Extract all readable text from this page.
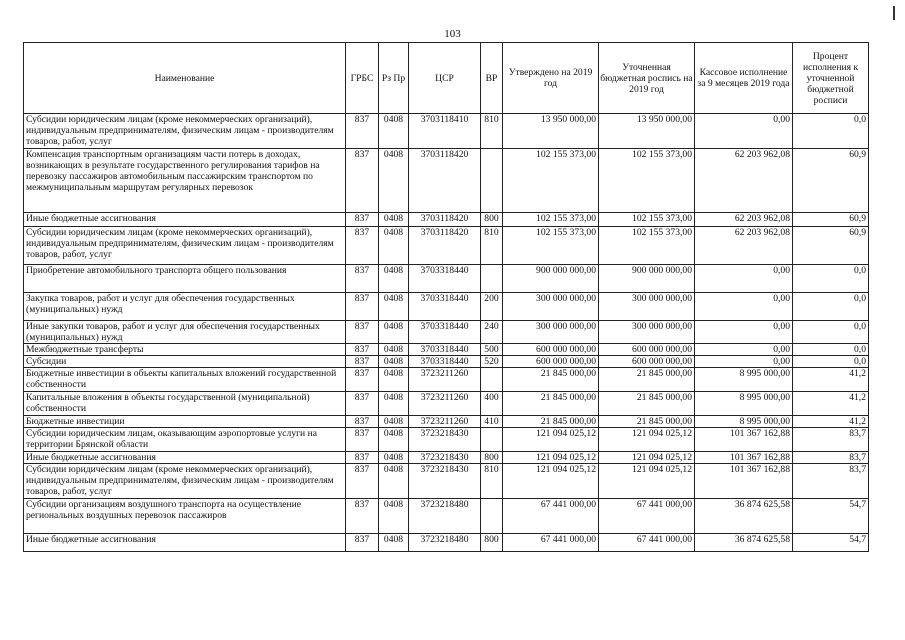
103
Наименование	ГРБС	Рз Пр	ЦСР	ВР	Утверждено на 2019 год	Уточненная бюджетная роспись на 2019 год	Кассовое исполнение за 9 месяцев 2019 года	Процент исполнения к уточненной бюджетной росписи
Субсидии юридическим лицам (кроме некоммерческих организаций), индивидуальным предпринимателям, физическим лицам - производителям товаров, работ, услуг	837	0408	3703118410	810	13 950 000,00	13 950 000,00	0,00	0,0
Компенсация транспортным организациям части потерь в доходах, возникающих в результате государственного регулирования тарифов на перевозку пассажиров автомобильным пассажирским транспортом по межмуниципальным маршрутам регулярных перевозок	837	0408	3703118420		102 155 373,00	102 155 373,00	62 203 962,08	60,9
Иные бюджетные ассигнования	837	0408	3703118420	800	102 155 373,00	102 155 373,00	62 203 962,08	60,9
Субсидии юридическим лицам (кроме некоммерческих организаций), индивидуальным предпринимателям, физическим лицам - производителям товаров, работ, услуг	837	0408	3703118420	810	102 155 373,00	102 155 373,00	62 203 962,08	60,9
Приобретение автомобильного транспорта общего пользования	837	0408	3703318440		900 000 000,00	900 000 000,00	0,00	0,0
Закупка товаров, работ и услуг для обеспечения государственных (муниципальных) нужд	837	0408	3703318440	200	300 000 000,00	300 000 000,00	0,00	0,0
Иные закупки товаров, работ и услуг для обеспечения государственных (муниципальных) нужд	837	0408	3703318440	240	300 000 000,00	300 000 000,00	0,00	0,0
Межбюджетные трансферты	837	0408	3703318440	500	600 000 000,00	600 000 000,00	0,00	0,0
Субсидии	837	0408	3703318440	520	600 000 000,00	600 000 000,00	0,00	0,0
Бюджетные инвестиции в объекты капитальных вложений государственной собственности	837	0408	3723211260		21 845 000,00	21 845 000,00	8 995 000,00	41,2
Капитальные вложения в объекты государственной (муниципальной) собственности	837	0408	3723211260	400	21 845 000,00	21 845 000,00	8 995 000,00	41,2
Бюджетные инвестиции	837	0408	3723211260	410	21 845 000,00	21 845 000,00	8 995 000,00	41,2
Субсидии юридическим лицам, оказывающим аэропортовые услуги на территории Брянской области	837	0408	3723218430		121 094 025,12	121 094 025,12	101 367 162,88	83,7
Иные бюджетные ассигнования	837	0408	3723218430	800	121 094 025,12	121 094 025,12	101 367 162,88	83,7
Субсидии юридическим лицам (кроме некоммерческих организаций), индивидуальным предпринимателям, физическим лицам - производителям товаров, работ, услуг	837	0408	3723218430	810	121 094 025,12	121 094 025,12	101 367 162,88	83,7
Субсидии организациям воздушного транспорта на осуществление региональных воздушных перевозок пассажиров	837	0408	3723218480		67 441 000,00	67 441 000,00	36 874 625,58	54,7
Иные бюджетные ассигнования	837	0408	3723218480	800	67 441 000,00	67 441 000,00	36 874 625,58	54,7
